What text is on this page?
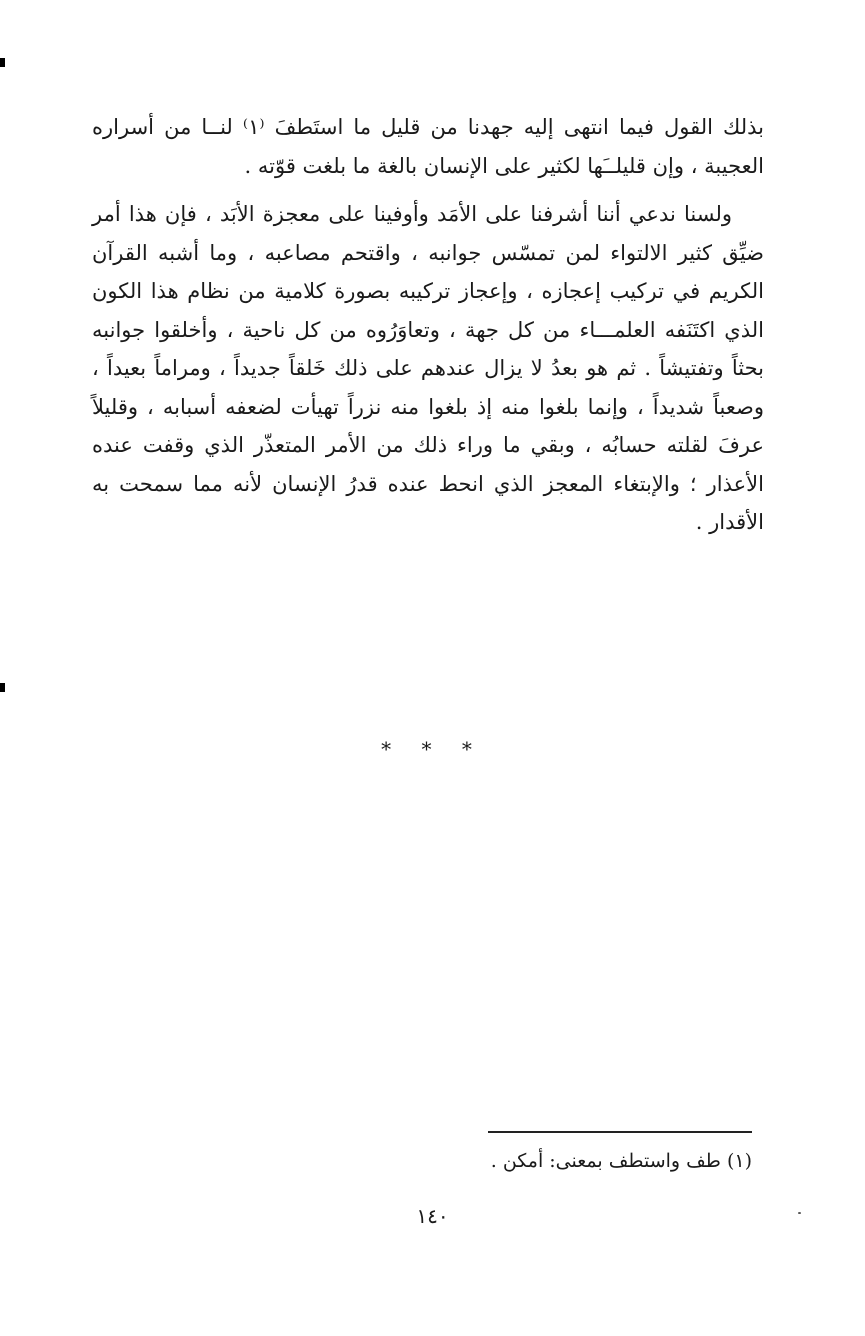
بذلك القول فيما انتهى إليه جهدنا من قليل ما استَطفَ ⁽١⁾ لنــا من أسراره العجيبة ، وإن قليلــَها لكثير على الإنسان بالغة ما بلغت قوّته .

ولسنا ندعي أننا أشرفنا على الأمَد وأوفينا على معجزة الأبَد ، فإن هذا أمر ضيِّق كثير الالتواء لمن تمسّس جوانبه ، واقتحم مصاعبه ، وما أشبه القرآن الكريم في تركيب إعجازه ، وإعجاز تركيبه بصورة كلامية من نظام هذا الكون الذي اكتَنَفه العلمـــاء من كل جهة ، وتعاوَرُوه من كل ناحية ، وأخلقوا جوانبه بحثاً وتفتيشاً . ثم هو بعدُ لا يزال عندهم على ذلك خَلقاً جديداً ، ومراماً بعيداً ، وصعباً شديداً ، وإنما بلغوا منه إذ بلغوا منه نزراً تهيأت لضعفه أسبابه ، وقليلاً عرفَ لقلته حسابُه ، وبقي ما وراء ذلك من الأمر المتعذّر الذي وقفت عنده الأعذار ؛ والإبتغاء المعجز الذي انحط عنده قدرُ الإنسان لأنه مما سمحت به الأقدار .

* * *
(١) طف واستطف بمعنى: أمكن .
١٤٠
